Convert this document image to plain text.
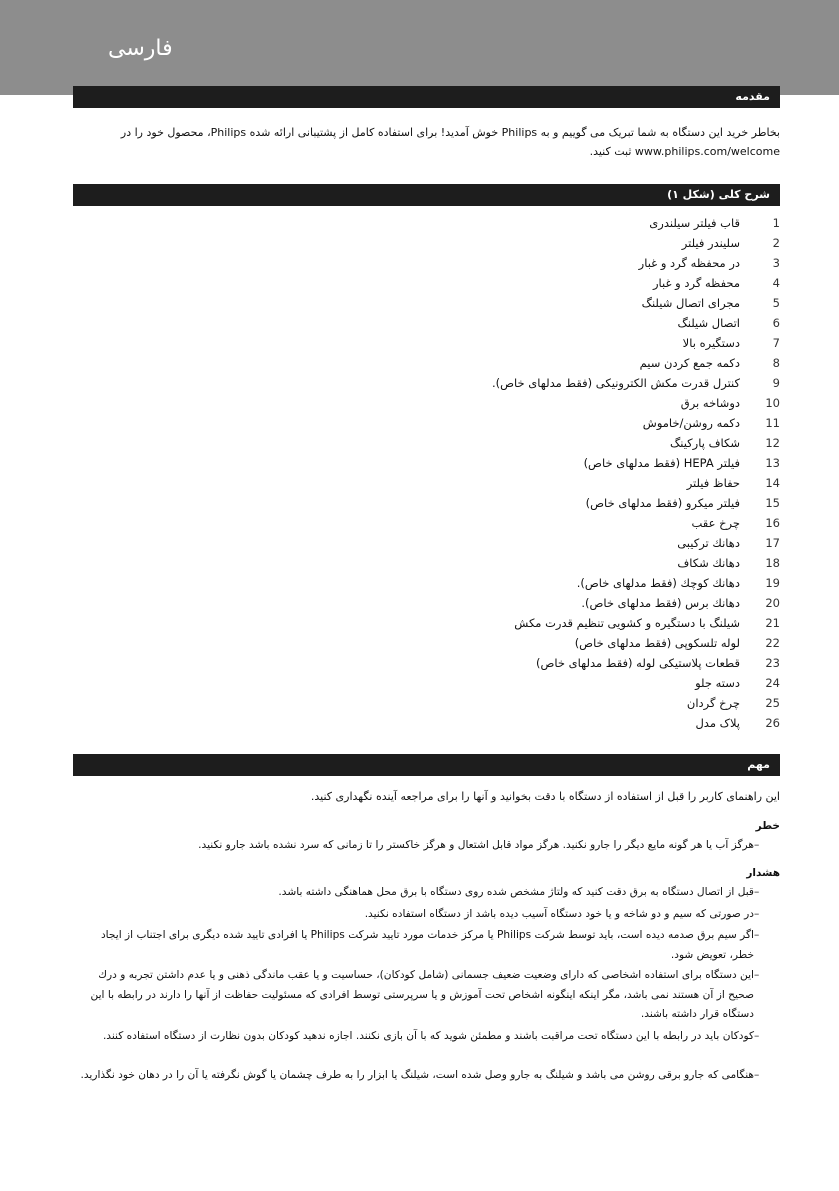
فارسی
مقدمه
بخاطر خرید این دستگاه به شما تبریک می گوییم و به Philips خوش آمدید! برای استفاده کامل از پشتیبانی ارائه شده Philips، محصول خود را در www.philips.com/welcome ثبت کنید.
شرح کلی (شکل ۱)
1
قاب فیلتر سیلندری
2
سلیندر فیلتر
3
در محفظه گرد و غبار
4
محفظه گرد و غبار
5
مجرای اتصال شیلنگ
6
اتصال شیلنگ
7
دستگیره بالا
8
دکمه جمع کردن سیم
9
کنترل قدرت مکش الکترونیکی (فقط مدلهای خاص).
10
دوشاخه برق
11
دکمه روشن/خاموش
12
شکاف پارکینگ
13
فیلتر HEPA (فقط مدلهای خاص)
14
حفاظ فیلتر
15
فیلتر میکرو (فقط مدلهای خاص)
16
چرخ عقب
17
دهانك تركیبی
18
دهانك شكاف
19
دهانك کوچك (فقط مدلهای خاص).
20
دهانك برس (فقط مدلهای خاص).
21
شیلنگ با دستگیره و كشویی تنظیم قدرت مكش
22
لوله تلسکوپی (فقط مدلهای خاص)
23
قطعات پلاستیکی لوله (فقط مدلهای خاص)
24
دسته جلو
25
چرخ گردان
26
پلاک مدل
مهم
این راهنمای کاربر را قبل از استفاده از دستگاه با دقت بخوانید و آنها را برای مراجعه آینده نگهداری کنید.
خطر
–
هرگز آب یا هر گونه مایع دیگر را جارو نکنید. هرگز مواد قابل اشتعال و هرگز خاکستر را تا زمانی که سرد نشده باشد جارو نکنید.
هشدار
–
قبل از اتصال دستگاه به برق دقت کنید که ولتاژ مشخص شده روی دستگاه با برق محل هماهنگی داشته باشد.
–
در صورتی که سیم و دو شاخه و یا خود دستگاه آسیب دیده باشد از دستگاه استفاده نکنید.
–
اگر سیم برق صدمه دیده است، باید توسط شرکت Philips یا مرکز خدمات مورد تایید شرکت Philips یا افرادی تایید شده دیگری برای اجتناب از ایجاد خطر، تعویض شود.
–
این دستگاه برای استفاده اشخاصی که دارای وضعیت ضعیف جسمانی (شامل کودکان)، حساسیت و یا عقب ماندگی ذهنی و یا عدم داشتن تجربه و درك صحیح از آن هستند نمی باشد، مگر اینکه اینگونه اشخاص تحت آموزش و یا سرپرستی توسط افرادی که مسئولیت حفاظت از آنها را دارند در رابطه با این دستگاه قرار داشته باشند.
–
کودکان باید در رابطه با این دستگاه تحت مراقبت باشند و مطمئن شوید که با آن بازی نکنند. اجازه ندهید کودکان بدون نظارت از دستگاه استفاده کنند.
–
هنگامی که جارو برقی روشن می باشد و شیلنگ به جارو وصل شده است، شیلنگ یا ابزار را به طرف چشمان یا گوش نگرفته یا آن را در دهان خود نگذارید.
